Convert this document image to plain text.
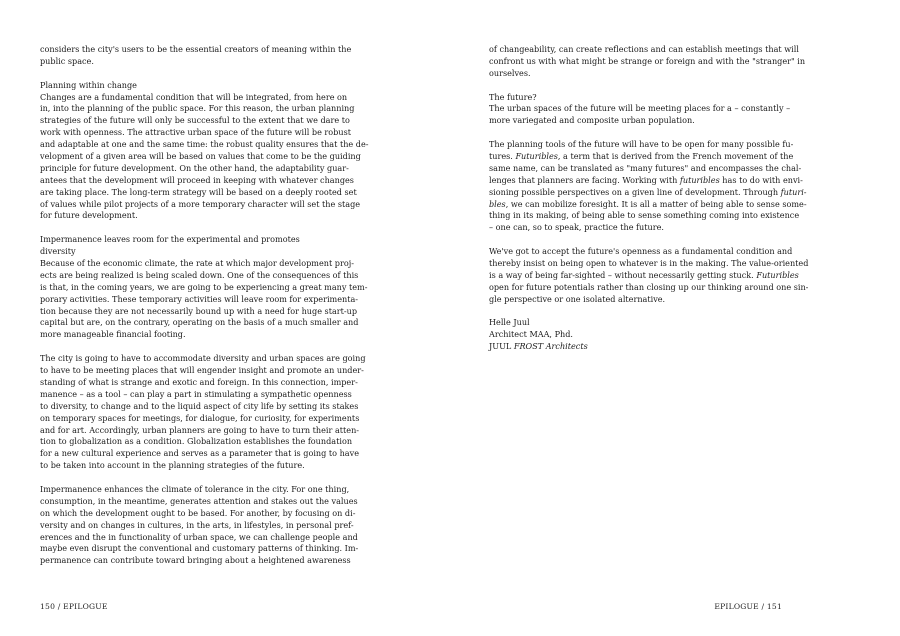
considers the city's users to be the essential creators of meaning within the
public space.
Planning within change
Changes are a fundamental condition that will be integrated, from here on
in, into the planning of the public space. For this reason, the urban planning
strategies of the future will only be successful to the extent that we dare to
work with openness. The attractive urban space of the future will be robust
and adaptable at one and the same time: the robust quality ensures that the de-
velopment of a given area will be based on values that come to be the guiding
principle for future development. On the other hand, the adaptability guar-
antees that the development will proceed in keeping with whatever changes
are taking place. The long-term strategy will be based on a deeply rooted set
of values while pilot projects of a more temporary character will set the stage
for future development.
Impermanence leaves room for the experimental and promotes
diversity
Because of the economic climate, the rate at which major development proj-
ects are being realized is being scaled down. One of the consequences of this
is that, in the coming years, we are going to be experiencing a great many tem-
porary activities. These temporary activities will leave room for experimenta-
tion because they are not necessarily bound up with a need for huge start-up
capital but are, on the contrary, operating on the basis of a much smaller and
more manageable financial footing.
The city is going to have to accommodate diversity and urban spaces are going
to have to be meeting places that will engender insight and promote an under-
standing of what is strange and exotic and foreign. In this connection, imper-
manence – as a tool – can play a part in stimulating a sympathetic openness
to diversity, to change and to the liquid aspect of city life by setting its stakes
on temporary spaces for meetings, for dialogue, for curiosity, for experiments
and for art. Accordingly, urban planners are going to have to turn their atten-
tion to globalization as a condition. Globalization establishes the foundation
for a new cultural experience and serves as a parameter that is going to have
to be taken into account in the planning strategies of the future.
Impermanence enhances the climate of tolerance in the city. For one thing,
consumption, in the meantime, generates attention and stakes out the values
on which the development ought to be based. For another, by focusing on di-
versity and on changes in cultures, in the arts, in lifestyles, in personal pref-
erences and the in functionality of urban space, we can challenge people and
maybe even disrupt the conventional and customary patterns of thinking. Im-
permanence can contribute toward bringing about a heightened awareness
150 / EPILOGUE
of changeability, can create reflections and can establish meetings that will
confront us with what might be strange or foreign and with the "stranger" in
ourselves.
The future?
The urban spaces of the future will be meeting places for a – constantly –
more variegated and composite urban population.
The planning tools of the future will have to be open for many possible fu-
tures. Futuribles, a term that is derived from the French movement of the
same name, can be translated as "many futures" and encompasses the chal-
lenges that planners are facing. Working with futuribles has to do with envi-
sioning possible perspectives on a given line of development. Through futuri-
bles, we can mobilize foresight. It is all a matter of being able to sense some-
thing in its making, of being able to sense something coming into existence
– one can, so to speak, practice the future.
We've got to accept the future's openness as a fundamental condition and
thereby insist on being open to whatever is in the making. The value-oriented
is a way of being far-sighted – without necessarily getting stuck. Futuribles
open for future potentials rather than closing up our thinking around one sin-
gle perspective or one isolated alternative.
Helle Juul
Architect MAA, Phd.
JUUL FROST Architects
EPILOGUE / 151
